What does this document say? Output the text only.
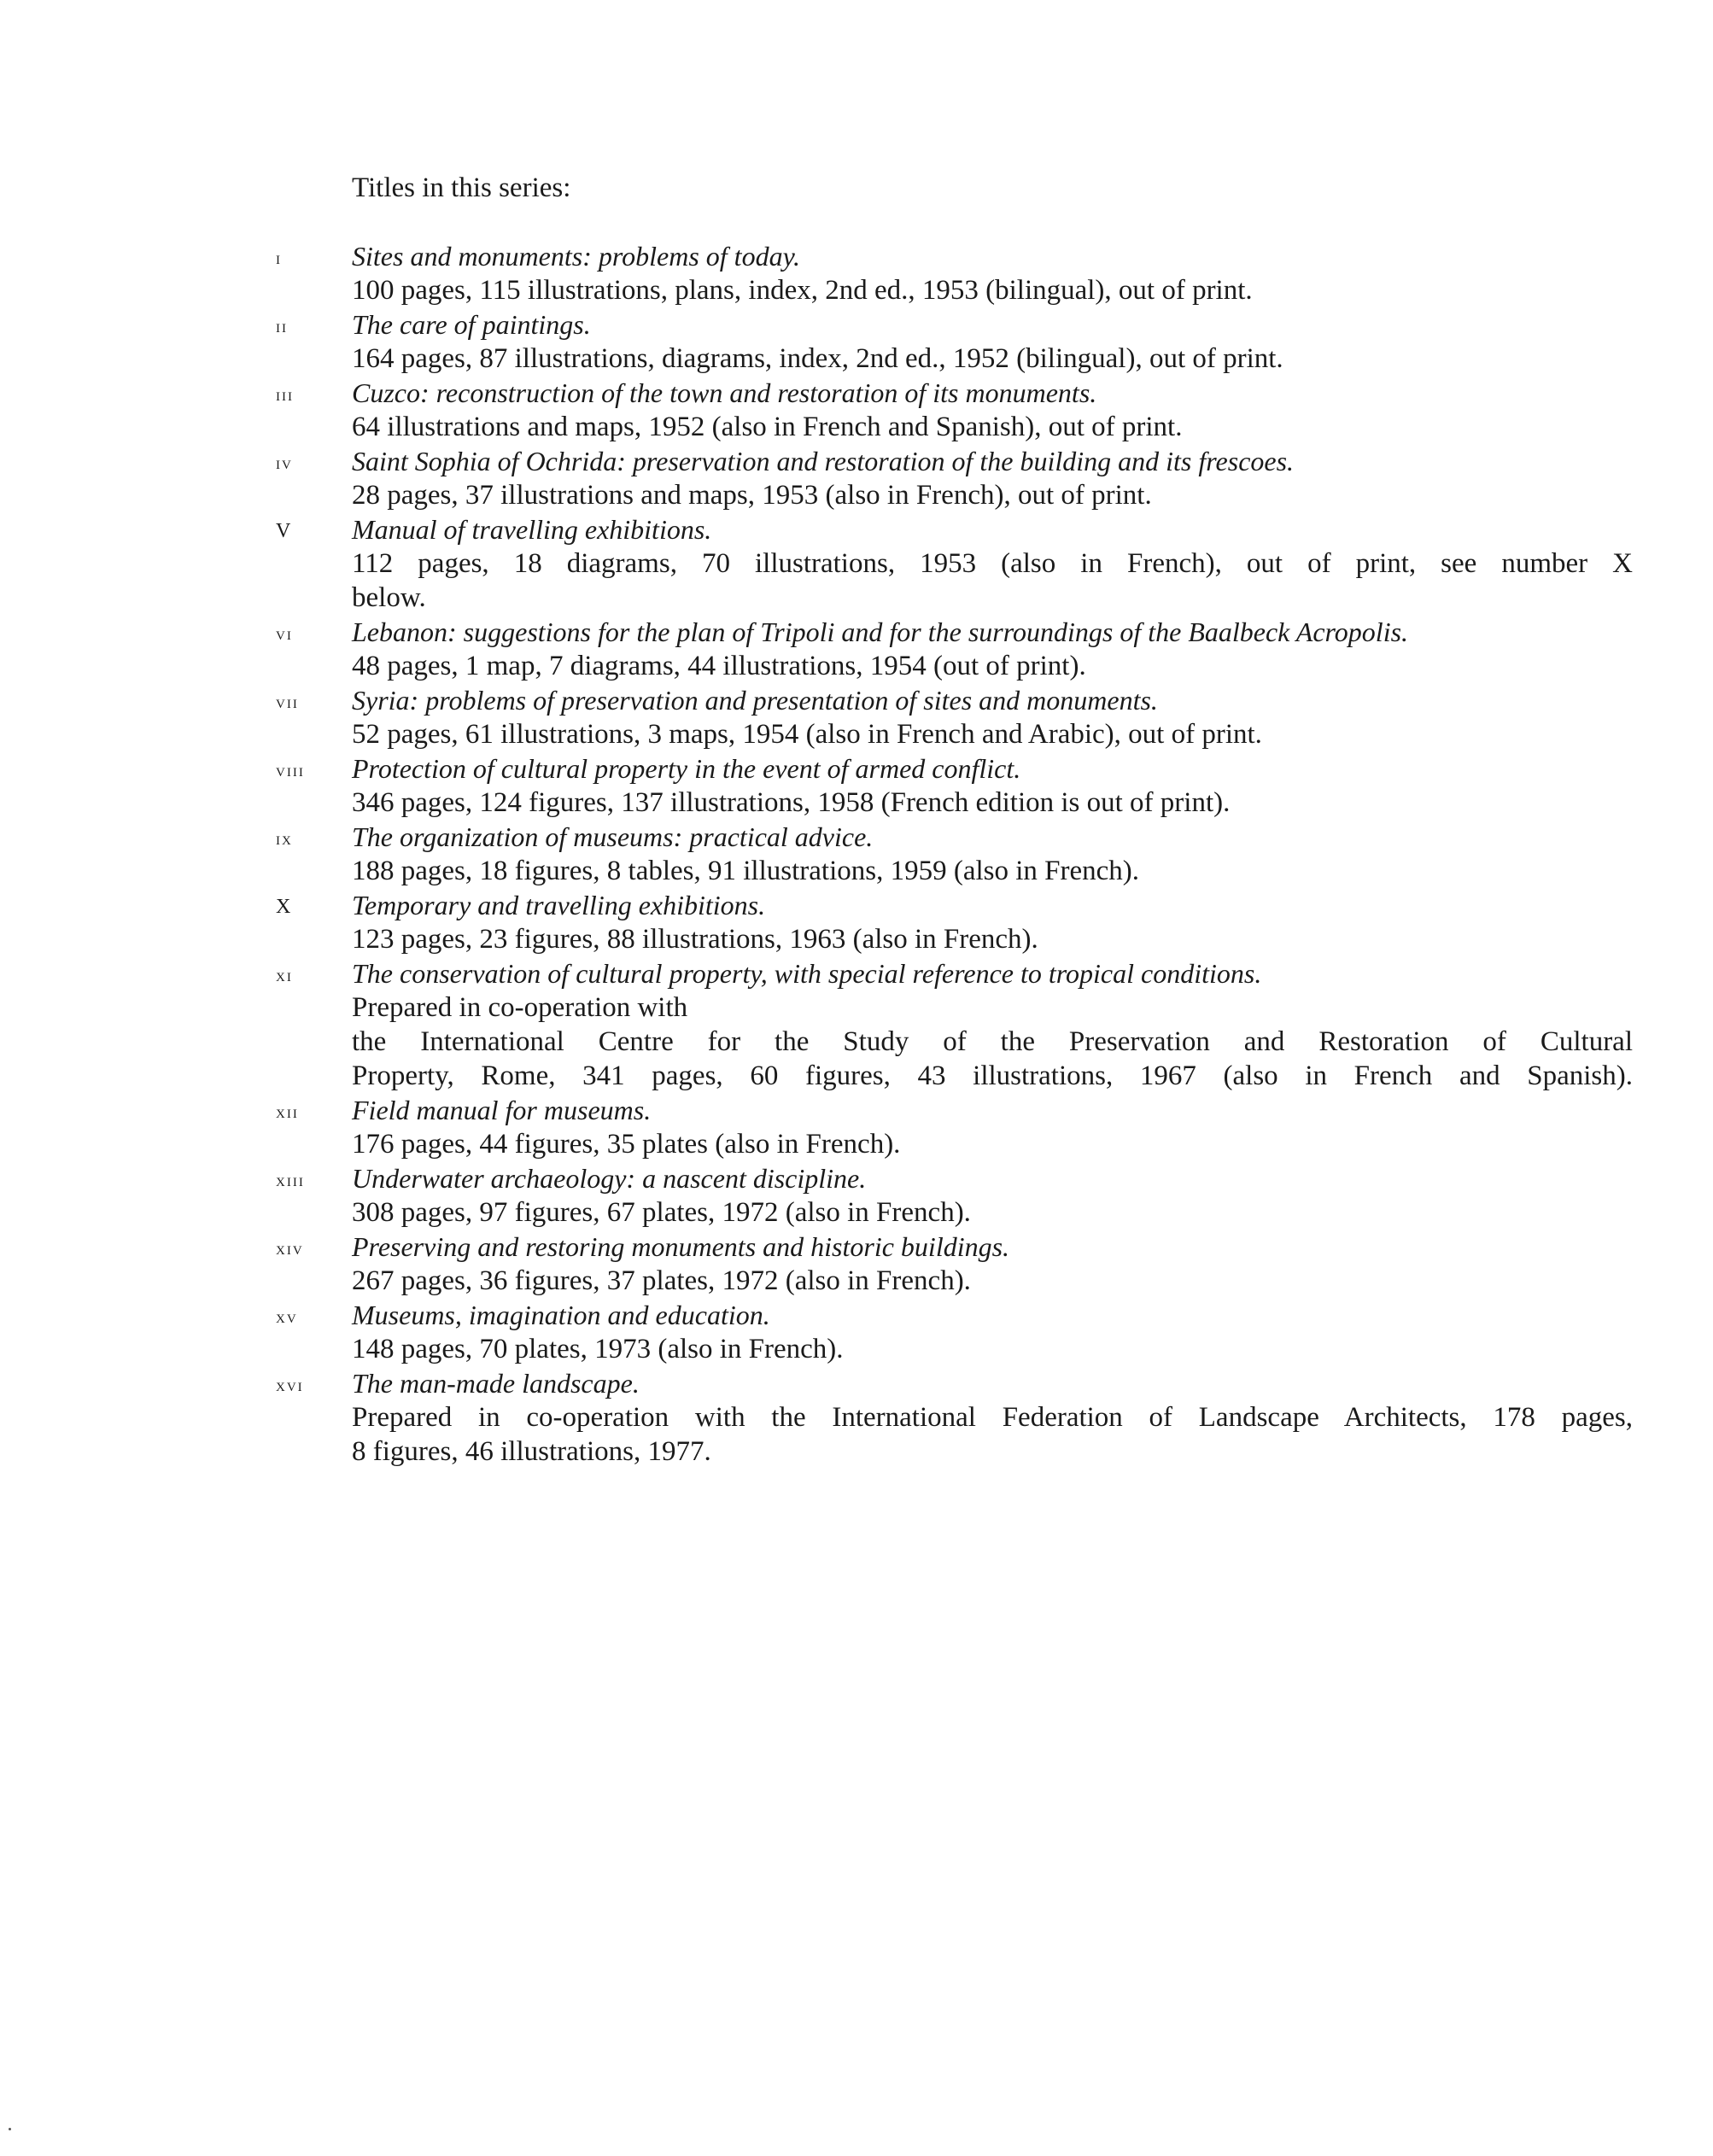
Titles in this series:
i	Sites and monuments: problems of today.
100 pages, 115 illustrations, plans, index, 2nd ed., 1953 (bilingual), out of print.
ii The care of paintings.
164 pages, 87 illustrations, diagrams, index, 2nd ed., 1952 (bilingual), out of print.
iii Cuzco: reconstruction of the town and restoration of its monuments.
64 illustrations and maps, 1952 (also in French and Spanish), out of print.
iv Saint Sophia of Ochrida: preservation and restoration of the building and its frescoes.
28 pages, 37 illustrations and maps, 1953 (also in French), out of print.
V Manual of travelling exhibitions.
112 pages, 18 diagrams, 70 illustrations, 1953 (also in French), out of print, see number X
below.
vi Lebanon: suggestions for the plan of Tripoli and for the surroundings of the Baalbeck Acropolis.
48 pages, 1 map, 7 diagrams, 44 illustrations, 1954 (out of print).
vii Syria: problems of preservation and presentation of sites and monuments.
52 pages, 61 illustrations, 3 maps, 1954 (also in French and Arabic), out of print.
viii Protection of cultural property in the event of armed conflict.
346 pages, 124 figures, 137 illustrations, 1958 (French edition is out of print).
ix The organization of museums: practical advice.
188 pages, 18 figures, 8 tables, 91 illustrations, 1959 (also in French).
X Temporary and travelling exhibitions.
123 pages, 23 figures, 88 illustrations, 1963 (also in French).
xi The conservation of cultural property, with special reference to tropical conditions.
Prepared in co-operation with
the International Centre for the Study of the Preservation and Restoration of Cultural
Property, Rome, 341 pages, 60 figures, 43 illustrations, 1967 (also in French and Spanish).
xii Field manual for museums.
176 pages, 44 figures, 35 plates (also in French).
xiii Underwater archaeology: a nascent discipline.
308 pages, 97 figures, 67 plates, 1972 (also in French).
xiv Preserving and restoring monuments and historic buildings.
267 pages, 36 figures, 37 plates, 1972 (also in French).
xv Museums, imagination and education.
148 pages, 70 plates, 1973 (also in French).
xvi The man-made landscape.
Prepared in co-operation with the International Federation of Landscape Architects, 178 pages,
8 figures, 46 illustrations, 1977.
